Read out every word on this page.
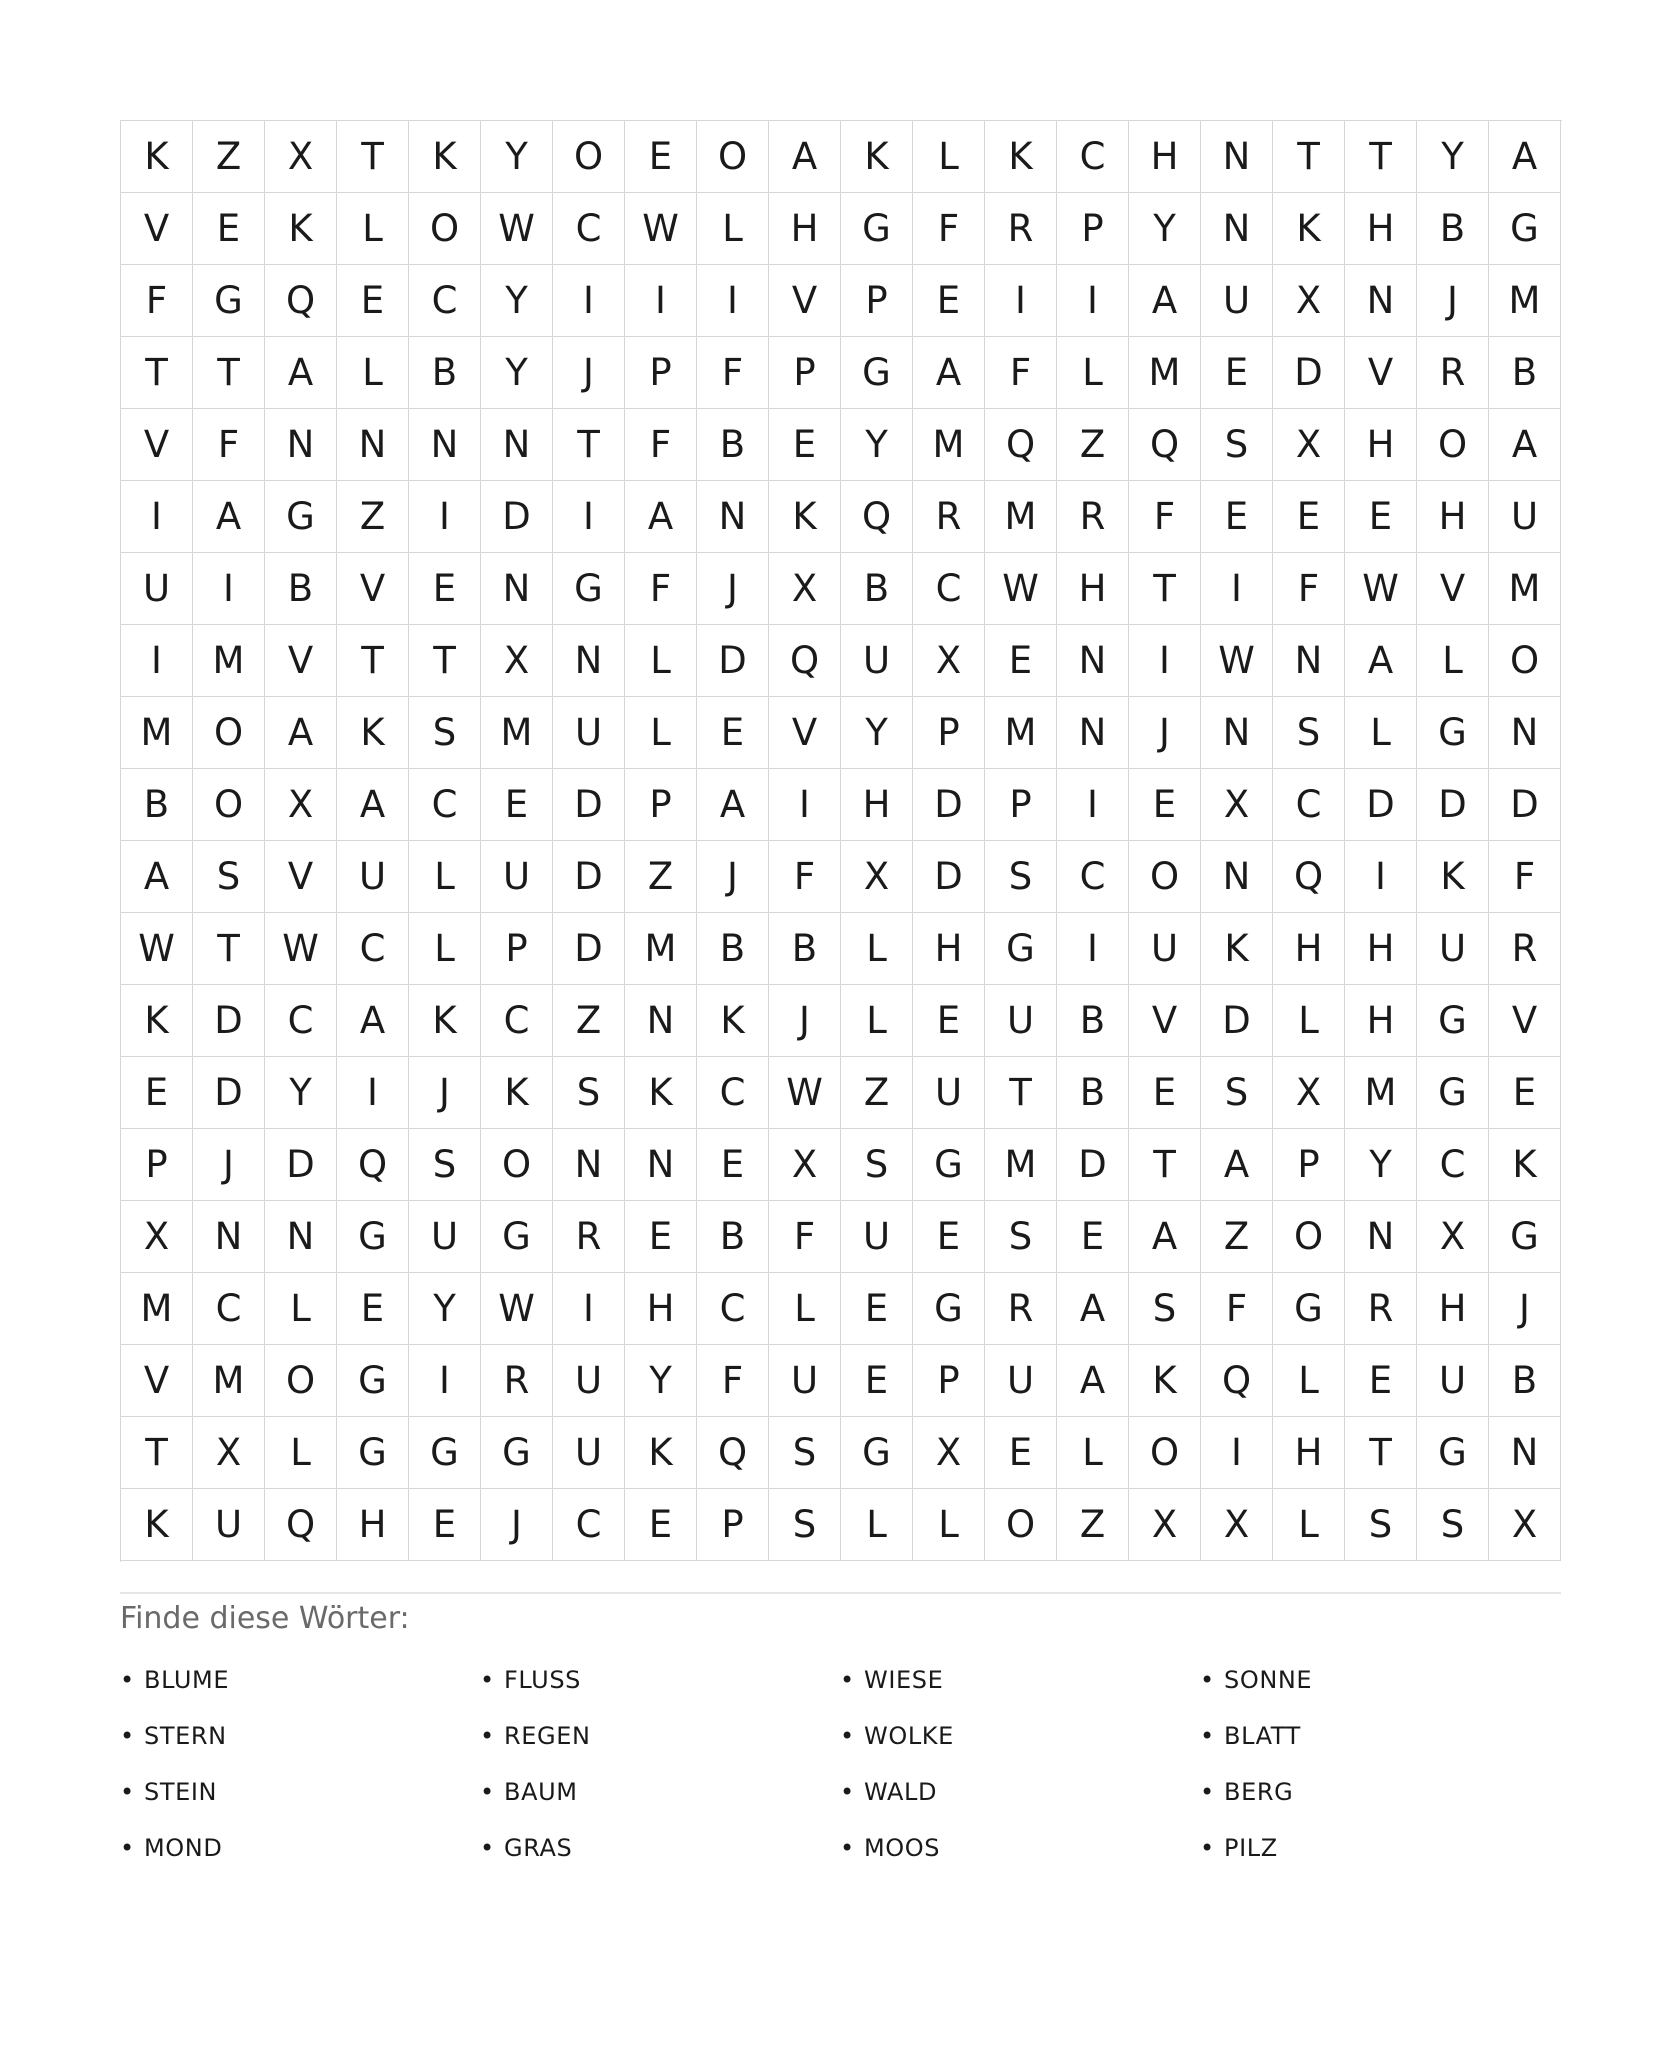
K	Z	X	T	K	Y	O	E	O	A	K	L	K	C	H	N	T	T	Y	A
V	E	K	L	O	W	C	W	L	H	G	F	R	P	Y	N	K	H	B	G
F	G	Q	E	C	Y	I	I	I	V	P	E	I	I	A	U	X	N	J	M
T	T	A	L	B	Y	J	P	F	P	G	A	F	L	M	E	D	V	R	B
V	F	N	N	N	N	T	F	B	E	Y	M	Q	Z	Q	S	X	H	O	A
I	A	G	Z	I	D	I	A	N	K	Q	R	M	R	F	E	E	E	H	U
U	I	B	V	E	N	G	F	J	X	B	C	W	H	T	I	F	W	V	M
I	M	V	T	T	X	N	L	D	Q	U	X	E	N	I	W	N	A	L	O
M	O	A	K	S	M	U	L	E	V	Y	P	M	N	J	N	S	L	G	N
B	O	X	A	C	E	D	P	A	I	H	D	P	I	E	X	C	D	D	D
A	S	V	U	L	U	D	Z	J	F	X	D	S	C	O	N	Q	I	K	F
W	T	W	C	L	P	D	M	B	B	L	H	G	I	U	K	H	H	U	R
K	D	C	A	K	C	Z	N	K	J	L	E	U	B	V	D	L	H	G	V
E	D	Y	I	J	K	S	K	C	W	Z	U	T	B	E	S	X	M	G	E
P	J	D	Q	S	O	N	N	E	X	S	G	M	D	T	A	P	Y	C	K
X	N	N	G	U	G	R	E	B	F	U	E	S	E	A	Z	O	N	X	G
M	C	L	E	Y	W	I	H	C	L	E	G	R	A	S	F	G	R	H	J
V	M	O	G	I	R	U	Y	F	U	E	P	U	A	K	Q	L	E	U	B
T	X	L	G	G	G	U	K	Q	S	G	X	E	L	O	I	H	T	G	N
K	U	Q	H	E	J	C	E	P	S	L	L	O	Z	X	X	L	S	S	X
Finde diese Wörter:
• BLUME	• FLUSS	• WIESE	• SONNE
• STERN	• REGEN	• WOLKE	• BLATT
• STEIN	• BAUM	• WALD	• BERG
• MOND	• GRAS	• MOOS	• PILZ
